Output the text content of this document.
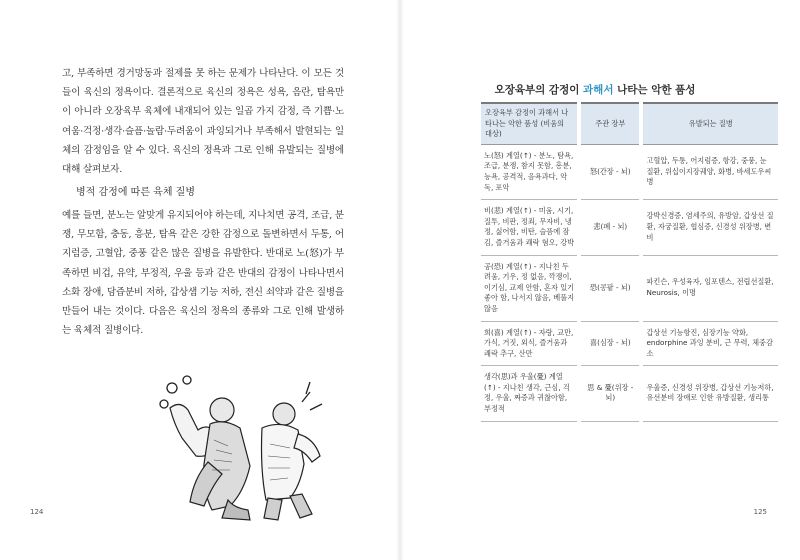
고, 부족하면 경거망동과 절제를 못 하는 문제가 나타난다. 이 모든 것들이 육신의 정욕이다. 결론적으로 육신의 정욕은 성욕, 음란, 탐욕만이 아니라 오장육부 육체에 내재되어 있는 일곱 가지 감정, 즉 기쁨·노여움·걱정·생각·슬픔·놀람·두려움이 과잉되거나 부족해서 발현되는 일체의 감정임을 알 수 있다. 육신의 정욕과 그로 인해 유발되는 질병에 대해 살펴보자.

병적 감정에 따른 육체 질병

예를 들면, 분노는 알맞게 유지되어야 하는데, 지나치면 공격, 조급, 분쟁, 무모함, 충동, 흥분, 탐욕 같은 강한 감정으로 돌변하면서 두통, 어지럼증, 고혈압, 중풍 같은 많은 질병을 유발한다. 반대로 노(怒)가 부족하면 비겁, 유약, 부정적, 우울 등과 같은 반대의 감정이 나타나면서 소화 장애, 담즙분비 저하, 갑상샘 기능 저하, 전신 쇠약과 같은 질병을 만들어 내는 것이다. 다음은 육신의 정욕의 종류와 그로 인해 발생하는 육체적 질병이다.

124
오장육부의 감정이 과해서 나타는 악한 품성
오장육부 감정이 과해서 나타나는 악한 품성 (비움의 대상)	주관 장부	유발되는 질병
노(怒) 계열(↑) - 분노, 탐욕, 조급, 분쟁, 참지 못함, 흥분, 능욕, 공격적, 음욕과다, 악독, 포악	怒(간장 - 뇌)	고혈압, 두통, 어지럼증, 항강, 중풍, 눈 질환, 위십이지장궤양, 화병, 바세도우씨병
비(悲) 계열(↑) - 미움, 시기, 질투, 비판, 정죄, 무자비, 냉정, 싫어함, 비탄, 슬픔에 잠김, 즐거움과 쾌락 혐오, 강박	悲(폐 - 뇌)	강박신경증, 염세주의, 유방암, 갑상선 질환, 자궁질환, 협심증, 신경성 위장병, 변비
공(恐) 계열(↑) - 지나친 두려움, 기우, 정 없음, 깍쟁이, 이기심, 교제 안함, 혼자 있기 좋아 함, 나서지 않음, 베풀지 않음	恐(콩팥 - 뇌)	파킨슨, 우성육자, 임포텐스, 전립선질환, Neurosis, 이명
희(喜) 계열(↑) - 자랑, 교만, 가식, 거짓, 외식, 즐거움과 쾌락 추구, 산만	喜(심장 - 뇌)	갑상선 기능항진, 심장기능 약화, endorphine 과잉 분비, 근 무력, 체중감소
생각(思)과 우울(憂) 계열(↑) - 지나친 생각, 근심, 걱정, 우울, 짜증과 귀찮아함, 부정적	思 & 憂(위장 - 뇌)	우울증, 신경성 위장병, 갑상선 기능저하, 유선분비 장애로 인한 유방질환, 생리통
125
